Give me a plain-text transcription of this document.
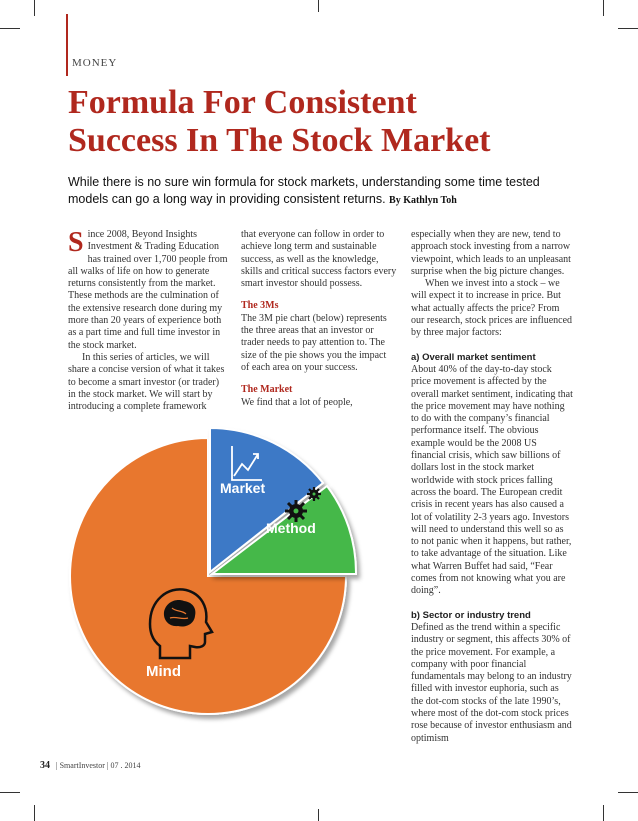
MONEY
Formula For Consistent
Success In The Stock Market
While there is no sure win formula for stock markets, understanding some time tested models can go a long way in providing consistent returns. By Kathlyn Toh

Since 2008, Beyond Insights Investment & Trading Education has trained over 1,700 people from all walks of life on how to generate returns consistently from the market. These methods are the culmination of the extensive research done during my more than 20 years of experience both as a part time and full time investor in the stock market.

In this series of articles, we will share a concise version of what it takes to become a smart investor (or trader) in the stock market. We will start by introducing a complete framework

that everyone can follow in order to achieve long term and sustainable success, as well as the knowledge, skills and critical success factors every smart investor should possess.

The 3Ms

The 3M pie chart (below) represents the three areas that an investor or trader needs to pay attention to. The size of the pie shows you the impact of each area on your success.

The Market

We find that a lot of people,

especially when they are new, tend to approach stock investing from a narrow viewpoint, which leads to an unpleasant surprise when the big picture changes.

When we invest into a stock – we will expect it to increase in price. But what actually affects the price? From our research, stock prices are influenced by three major factors:

a) Overall market sentiment

About 40% of the day-to-day stock price movement is affected by the overall market sentiment, indicating that the price movement may have nothing to do with the company’s financial performance itself. The obvious example would be the 2008 US financial crisis, which saw billions of dollars lost in the stock market worldwide with stock prices falling across the board. The European credit crisis in recent years has also caused a lot of volatility 2-3 years ago. Investors will need to understand this well so as to not panic when it happens, but rather, to take advantage of the situation. Like what Warren Buffet had said, “Fear comes from not knowing what you are doing”.

b) Sector or industry trend

Defined as the trend within a specific industry or segment, this affects 30% of the price movement. For example, a company with poor financial fundamentals may belong to an industry filled with investor euphoria, such as the dot-com stocks of the late 1990’s, where most of the dot-com stock prices rose because of investor enthusiasm and optimism

Market
Method
Mind
34 | SmartInvestor | 07 . 2014
